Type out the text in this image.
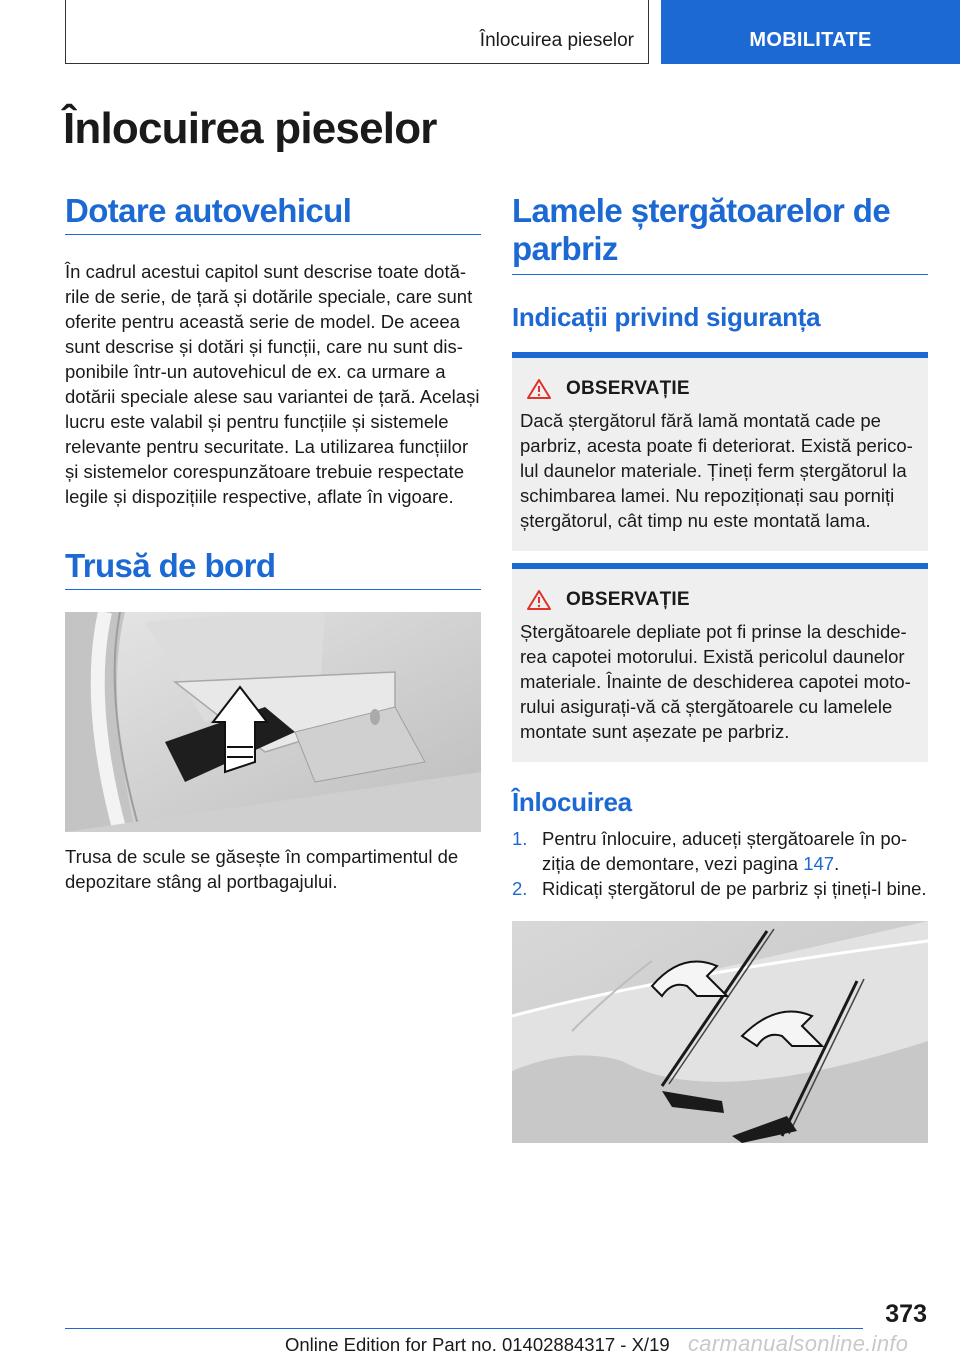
Înlocuirea pieselor	MOBILITATE
Înlocuirea pieselor
Dotare autovehicul

În cadrul acestui capitol sunt descrise toate dotările de serie, de țară și dotările speciale, care sunt oferite pentru această serie de model. De aceea sunt descrise și dotări și funcții, care nu sunt disponibile într-un autovehicul de ex. ca urmare a dotării speciale alese sau variantei de țară. Același lucru este valabil și pentru funcțiile și sistemele relevante pentru securitate. La utilizarea funcțiilor și sistemelor corespunzătoare trebuie respectate legile și dispozițiile respective, aflate în vigoare.

Trusă de bord

Trusa de scule se găsește în compartimentul de depozitare stâng al portbagajului.

Lamele ștergătoarelor de parbriz
Indicații privind siguranța
OBSERVAȚIE

Dacă ștergătorul fără lamă montată cade pe parbriz, acesta poate fi deteriorat. Există pericolul daunelor materiale. Țineți ferm ștergătorul la schimbarea lamei. Nu repoziționați sau porniți ștergătorul, cât timp nu este montată lama.

OBSERVAȚIE

Ștergătoarele depliate pot fi prinse la deschiderea capotei motorului. Există pericolul daunelor materiale. Înainte de deschiderea capotei motorului asigurați-vă că ștergătoarele cu lamelele montate sunt așezate pe parbriz.

Înlocuirea
1. Pentru înlocuire, aduceți ștergătoarele în poziția de demontare, vezi pagina 147.
2. Ridicați ștergătorul de pe parbriz și țineți-l bine.
373
Online Edition for Part no. 01402884317 - X/19 carmanualsonline.info
